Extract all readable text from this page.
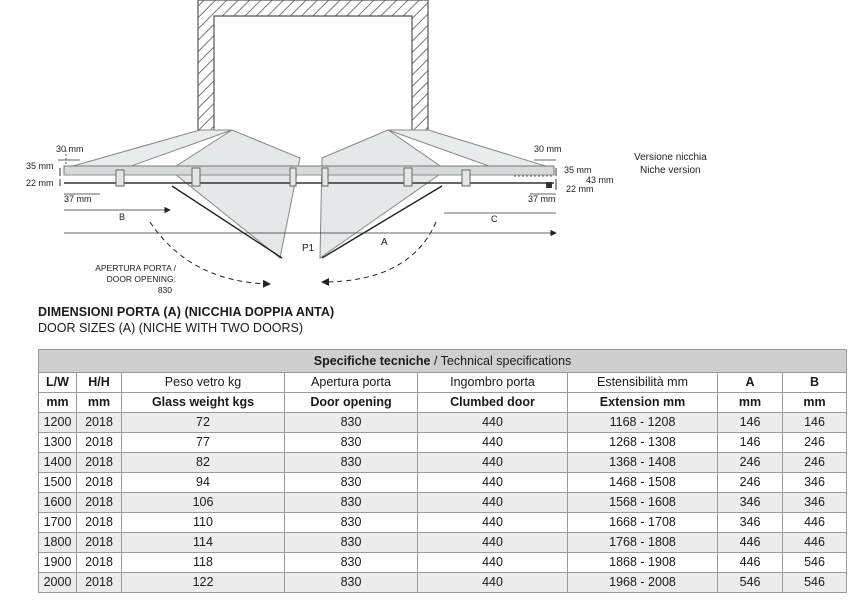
30 mm
35 mm
22 mm
37 mm
B
P1
A
C
30 mm
35 mm
43 mm
22 mm
37 mm
Versione nicchia
Niche version
APERTURA PORTA /
DOOR OPENING:
830
DIMENSIONI PORTA (A) (NICCHIA DOPPIA ANTA)
DOOR SIZES (A) (NICHE WITH TWO DOORS)
Specifiche tecniche / Technical specifications							
L/W	H/H	Peso vetro kg	Apertura porta	Ingombro porta	Estensibilità mm	A	B
mm	mm	Glass weight kgs	Door opening	Clumbed door	Extension mm	mm	mm
1200	2018	72	830	440	1168 - 1208	146	146
1300	2018	77	830	440	1268 - 1308	146	246
1400	2018	82	830	440	1368 - 1408	246	246
1500	2018	94	830	440	1468 - 1508	246	346
1600	2018	106	830	440	1568 - 1608	346	346
1700	2018	110	830	440	1668 - 1708	346	446
1800	2018	114	830	440	1768 - 1808	446	446
1900	2018	118	830	440	1868 - 1908	446	546
2000	2018	122	830	440	1968 - 2008	546	546
